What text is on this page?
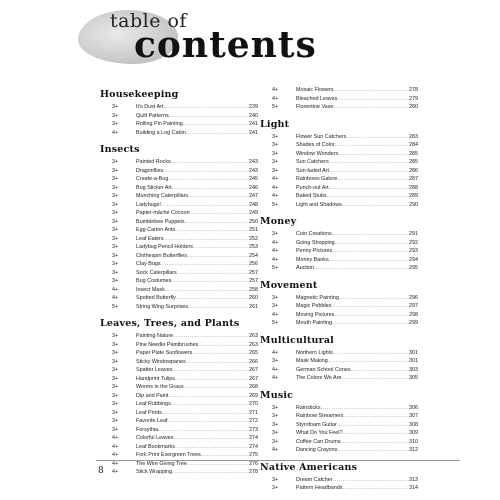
table of
contents
Housekeeping
3+	It's Dust Art .....	239
3+	Quilt Patterns .....	240
3+	Rolling Pin Painting .....	241
4+	Building a Log Cabin .....	241
Insects
3+	Painted Rocks .....	243
3+	Dragonflies .....	243
3+	Create-a-Bug .....	245
3+	Bug Sticker Art .....	246
3+	Munching Caterpillars .....	247
3+	Ladybugs! .....	248
3+	Papier-mâché Cocoon .....	249
3+	Bumblebee Puppets .....	250
3+	Egg Carton Ants .....	251
3+	Leaf Eaters .....	252
3+	Ladybug Pencil Holders .....	253
3+	Clothespin Butterflies .....	254
3+	Clay Bugs .....	256
3+	Sock Caterpillars .....	257
3+	Bug Costumes .....	257
4+	Insect Mask .....	258
4+	Spotted Butterfly .....	260
5+	String Wing Surprises .....	261
Leaves, Trees, and Plants
3+	Painting Nature .....	263
3+	Pine Needle Paintbrushes .....	263
3+	Paper Plate Sunflowers .....	265
3+	Sticky Windowpanes .....	266
3+	Spatter Leaves .....	267
3+	Handprint Tulips .....	267
3+	Worms in the Grass .....	268
3+	Dip and Paint .....	269
3+	Leaf Rubbings .....	270
3+	Leaf Prints .....	271
3+	Favorite Leaf .....	272
3+	Forsythia .....	273
4+	Colorful Leaves .....	274
4+	Leaf Bookmarks .....	274
4+	Fork Print Evergreen Trees .....	275
4+	The Wire Giving Tree .....	276
4+	Stick Wrapping .....	278
4+	Mosaic Flowers .....	278
4+	Bleached Leaves .....	279
5+	Florentine Vase .....	280
Light
3+	Flower Sun Catchers .....	283
3+	Shades of Color .....	284
3+	Window Wonders .....	285
3+	Sun Catchers .....	285
3+	Sun-faded Art .....	286
4+	Rainbows Galore .....	287
4+	Punch-out Art .....	288
4+	Baked Stubs .....	289
5+	Light and Shadows .....	290
Money
3+	Coin Creations .....	291
4+	Going Shopping .....	292
4+	Penny Pictures .....	293
4+	Money Banks .....	294
5+	Auction .....	295
Movement
3+	Magnetic Painting .....	296
3+	Magic Pebbles .....	297
4+	Moving Pictures .....	298
5+	Mouth Painting .....	299
Multicultural
4+	Northern Lights .....	301
3+	Mask Making .....	301
4+	German School Cones .....	303
4+	The Colors We Are .....	305
Music
3+	Rainsticks .....	306
3+	Rainbow Streamers .....	307
3+	Styrofoam Guitar .....	308
3+	What Do You Feel? .....	309
3+	Coffee Can Drums .....	310
4+	Dancing Crayons .....	312
Native Americans
3+	Dream Catcher .....	313
3+	Pattern Headbands .....	314
8
